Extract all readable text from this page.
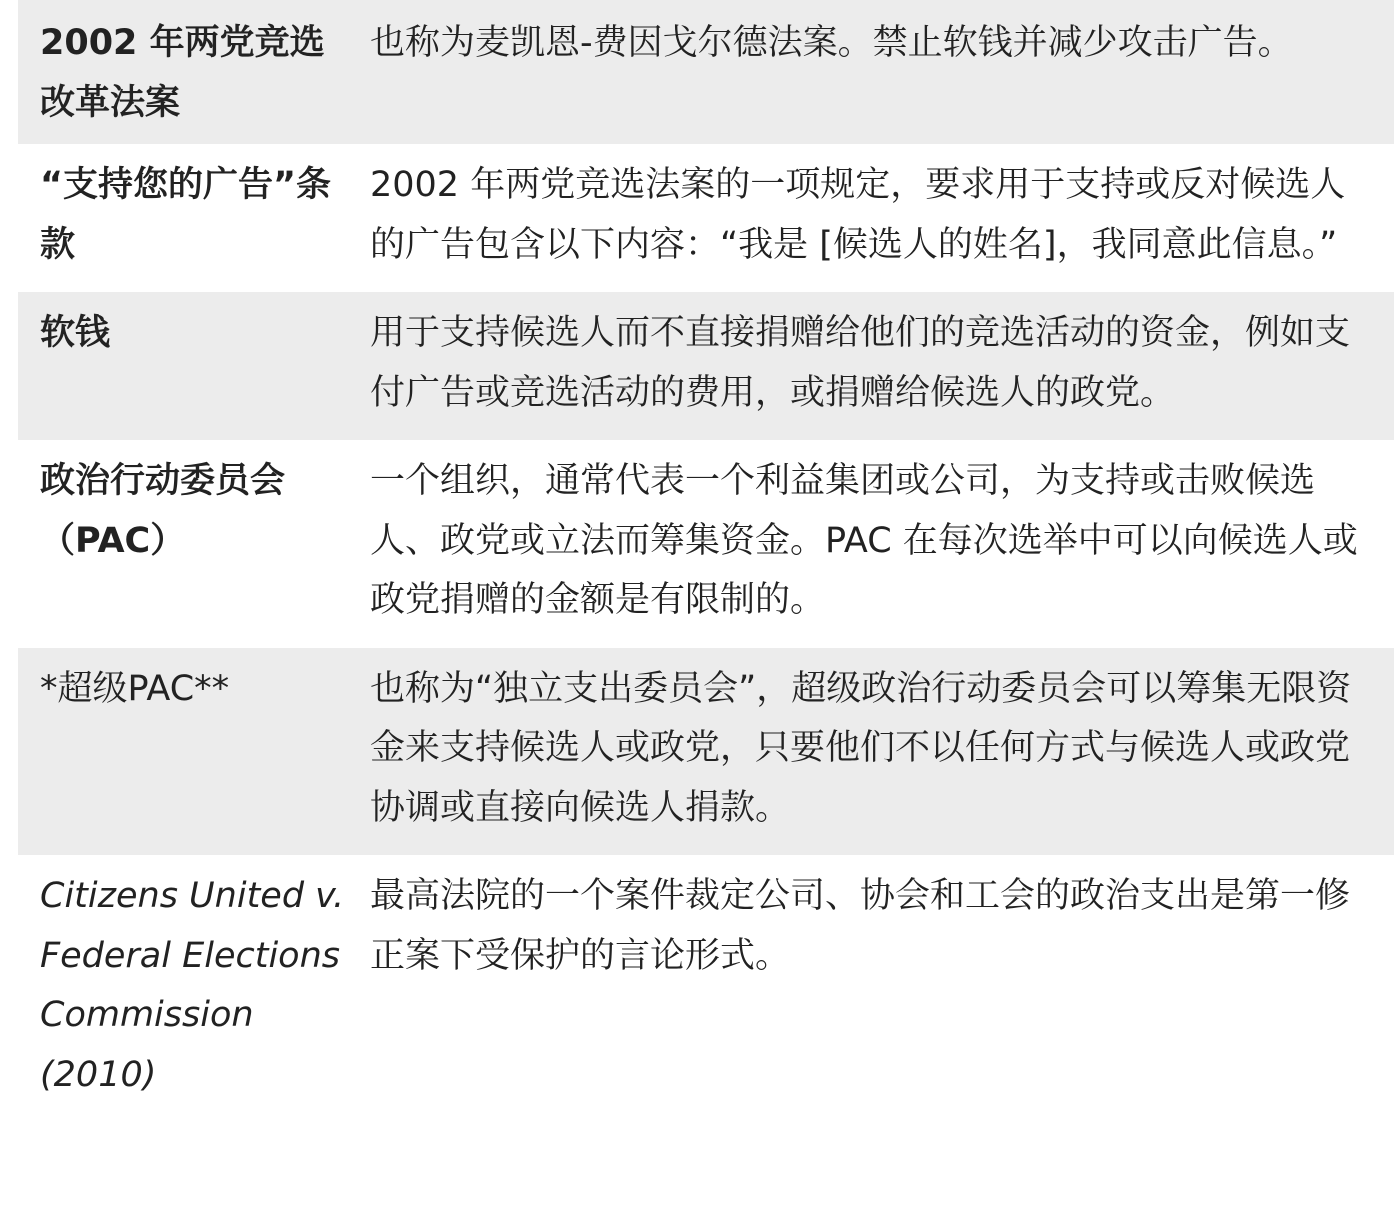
2002 年两党竞选改革法案	也称为麦凯恩-费因戈尔德法案。禁止软钱并减少攻击广告。
“支持您的广告”条款	2002 年两党竞选法案的一项规定，要求用于支持或反对候选人的广告包含以下内容：“我是 [候选人的姓名]，我同意此信息。”
软钱	用于支持候选人而不直接捐赠给他们的竞选活动的资金，例如支付广告或竞选活动的费用，或捐赠给候选人的政党。
政治行动委员会（PAC）	一个组织，通常代表一个利益集团或公司，为支持或击败候选人、政党或立法而筹集资金。PAC 在每次选举中可以向候选人或政党捐赠的金额是有限制的。
*超级PAC**	也称为“独立支出委员会”，超级政治行动委员会可以筹集无限资金来支持候选人或政党，只要他们不以任何方式与候选人或政党协调或直接向候选人捐款。
Citizens United v. Federal Elections Commission (2010)	最高法院的一个案件裁定公司、协会和工会的政治支出是第一修正案下受保护的言论形式。
